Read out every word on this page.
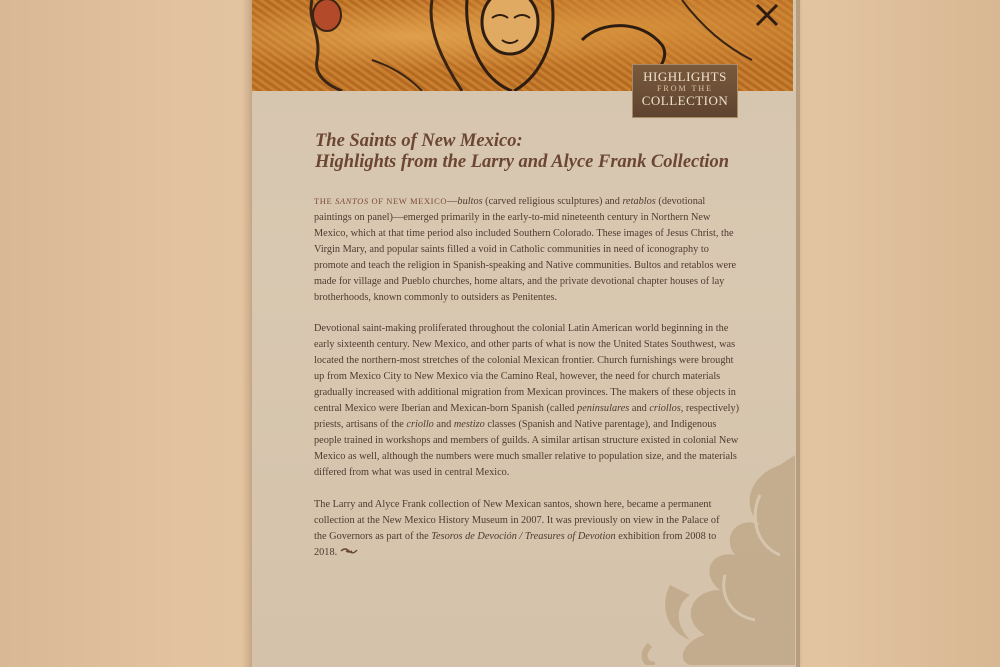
HIGHLIGHTS
FROM THE
COLLECTION
The Saints of New Mexico:
Highlights from the Larry and Alyce Frank Collection
THE SANTOS OF NEW MEXICO—bultos (carved religious sculptures) and retablos (devotional paintings on panel)—emerged primarily in the early-to-mid nineteenth century in Northern New Mexico, which at that time period also included Southern Colorado. These images of Jesus Christ, the Virgin Mary, and popular saints filled a void in Catholic communities in need of iconography to promote and teach the religion in Spanish-speaking and Native communities. Bultos and retablos were made for village and Pueblo churches, home altars, and the private devotional chapter houses of lay brotherhoods, known commonly to outsiders as Penitentes.
Devotional saint-making proliferated throughout the colonial Latin American world beginning in the early sixteenth century. New Mexico, and other parts of what is now the United States Southwest, was located the northern-most stretches of the colonial Mexican frontier. Church furnishings were brought up from Mexico City to New Mexico via the Camino Real, however, the need for church materials gradually increased with additional migration from Mexican provinces. The makers of these objects in central Mexico were Iberian and Mexican-born Spanish (called peninsulares and criollos, respectively) priests, artisans of the criollo and mestizo classes (Spanish and Native parentage), and Indigenous people trained in workshops and members of guilds. A similar artisan structure existed in colonial New Mexico as well, although the numbers were much smaller relative to population size, and the materials differed from what was used in central Mexico.
The Larry and Alyce Frank collection of New Mexican santos, shown here, became a permanent collection at the New Mexico History Museum in 2007. It was previously on view in the Palace of the Governors as part of the Tesoros de Devoción / Treasures of Devotion exhibition from 2008 to 2018.
